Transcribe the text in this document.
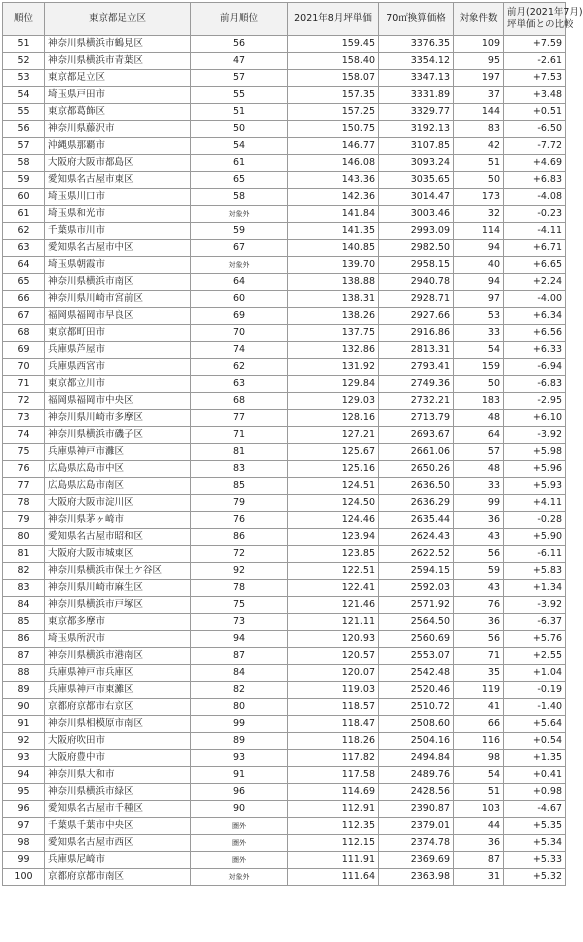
順位	東京都足立区	前月順位	2021年8月坪単価	70㎡換算価格	対象件数	前月(2021年7月)
坪単価との比較

51	神奈川県横浜市鶴見区	56	159.45	3376.35	109	+7.59
52	神奈川県横浜市青葉区	47	158.40	3354.12	95	-2.61
53	東京都足立区	57	158.07	3347.13	197	+7.53
54	埼玉県戸田市	55	157.35	3331.89	37	+3.48
55	東京都葛飾区	51	157.25	3329.77	144	+0.51
56	神奈川県藤沢市	50	150.75	3192.13	83	-6.50
57	沖縄県那覇市	54	146.77	3107.85	42	-7.72
58	大阪府大阪市都島区	61	146.08	3093.24	51	+4.69
59	愛知県名古屋市東区	65	143.36	3035.65	50	+6.83
60	埼玉県川口市	58	142.36	3014.47	173	-4.08
61	埼玉県和光市	対象外	141.84	3003.46	32	-0.23
62	千葉県市川市	59	141.35	2993.09	114	-4.11
63	愛知県名古屋市中区	67	140.85	2982.50	94	+6.71
64	埼玉県朝霞市	対象外	139.70	2958.15	40	+6.65
65	神奈川県横浜市南区	64	138.88	2940.78	94	+2.24
66	神奈川県川崎市宮前区	60	138.31	2928.71	97	-4.00
67	福岡県福岡市早良区	69	138.26	2927.66	53	+6.34
68	東京都町田市	70	137.75	2916.86	33	+6.56
69	兵庫県芦屋市	74	132.86	2813.31	54	+6.33
70	兵庫県西宮市	62	131.92	2793.41	159	-6.94
71	東京都立川市	63	129.84	2749.36	50	-6.83
72	福岡県福岡市中央区	68	129.03	2732.21	183	-2.95
73	神奈川県川崎市多摩区	77	128.16	2713.79	48	+6.10
74	神奈川県横浜市磯子区	71	127.21	2693.67	64	-3.92
75	兵庫県神戸市灘区	81	125.67	2661.06	57	+5.98
76	広島県広島市中区	83	125.16	2650.26	48	+5.96
77	広島県広島市南区	85	124.51	2636.50	33	+5.93
78	大阪府大阪市淀川区	79	124.50	2636.29	99	+4.11
79	神奈川県茅ヶ崎市	76	124.46	2635.44	36	-0.28
80	愛知県名古屋市昭和区	86	123.94	2624.43	43	+5.90
81	大阪府大阪市城東区	72	123.85	2622.52	56	-6.11
82	神奈川県横浜市保土ケ谷区	92	122.51	2594.15	59	+5.83
83	神奈川県川崎市麻生区	78	122.41	2592.03	43	+1.34
84	神奈川県横浜市戸塚区	75	121.46	2571.92	76	-3.92
85	東京都多摩市	73	121.11	2564.50	36	-6.37
86	埼玉県所沢市	94	120.93	2560.69	56	+5.76
87	神奈川県横浜市港南区	87	120.57	2553.07	71	+2.55
88	兵庫県神戸市兵庫区	84	120.07	2542.48	35	+1.04
89	兵庫県神戸市東灘区	82	119.03	2520.46	119	-0.19
90	京都府京都市右京区	80	118.57	2510.72	41	-1.40
91	神奈川県相模原市南区	99	118.47	2508.60	66	+5.64
92	大阪府吹田市	89	118.26	2504.16	116	+0.54
93	大阪府豊中市	93	117.82	2494.84	98	+1.35
94	神奈川県大和市	91	117.58	2489.76	54	+0.41
95	神奈川県横浜市緑区	96	114.69	2428.56	51	+0.98
96	愛知県名古屋市千種区	90	112.91	2390.87	103	-4.67
97	千葉県千葉市中央区	圏外	112.35	2379.01	44	+5.35
98	愛知県名古屋市西区	圏外	112.15	2374.78	36	+5.34
99	兵庫県尼崎市	圏外	111.91	2369.69	87	+5.33
100	京都府京都市南区	対象外	111.64	2363.98	31	+5.32
